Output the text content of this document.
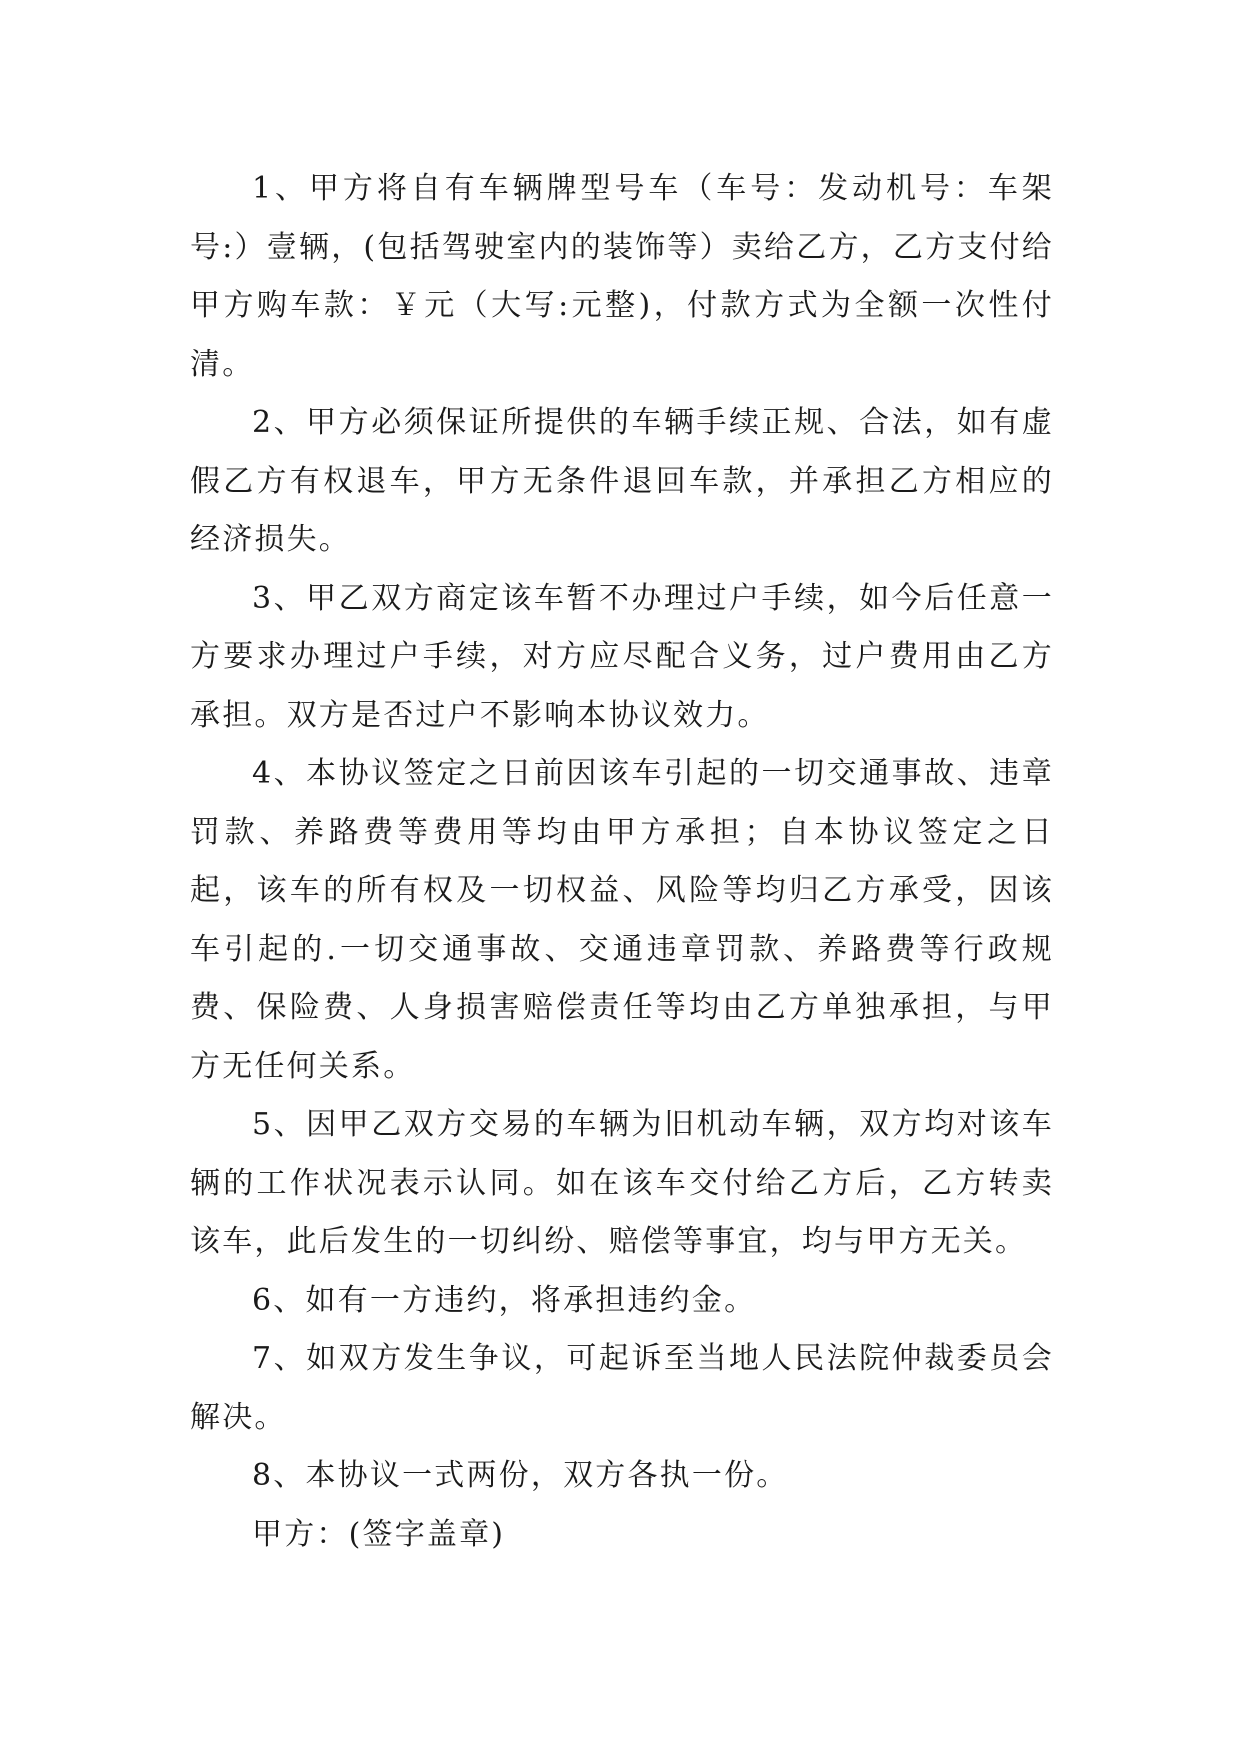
1、甲方将自有车辆牌型号车（车号：发动机号：车架号:）壹辆，(包括驾驶室内的装饰等）卖给乙方，乙方支付给甲方购车款：￥元（大写:元整)，付款方式为全额一次性付清。

2、甲方必须保证所提供的车辆手续正规、合法，如有虚假乙方有权退车，甲方无条件退回车款，并承担乙方相应的经济损失。

3、甲乙双方商定该车暂不办理过户手续，如今后任意一方要求办理过户手续，对方应尽配合义务，过户费用由乙方承担。双方是否过户不影响本协议效力。

4、本协议签定之日前因该车引起的一切交通事故、违章罚款、养路费等费用等均由甲方承担；自本协议签定之日起，该车的所有权及一切权益、风险等均归乙方承受，因该车引起的.一切交通事故、交通违章罚款、养路费等行政规费、保险费、人身损害赔偿责任等均由乙方单独承担，与甲方无任何关系。

5、因甲乙双方交易的车辆为旧机动车辆，双方均对该车辆的工作状况表示认同。如在该车交付给乙方后，乙方转卖该车，此后发生的一切纠纷、赔偿等事宜，均与甲方无关。

6、如有一方违约，将承担违约金。

7、如双方发生争议，可起诉至当地人民法院仲裁委员会解决。

8、本协议一式两份，双方各执一份。

甲方：(签字盖章)
